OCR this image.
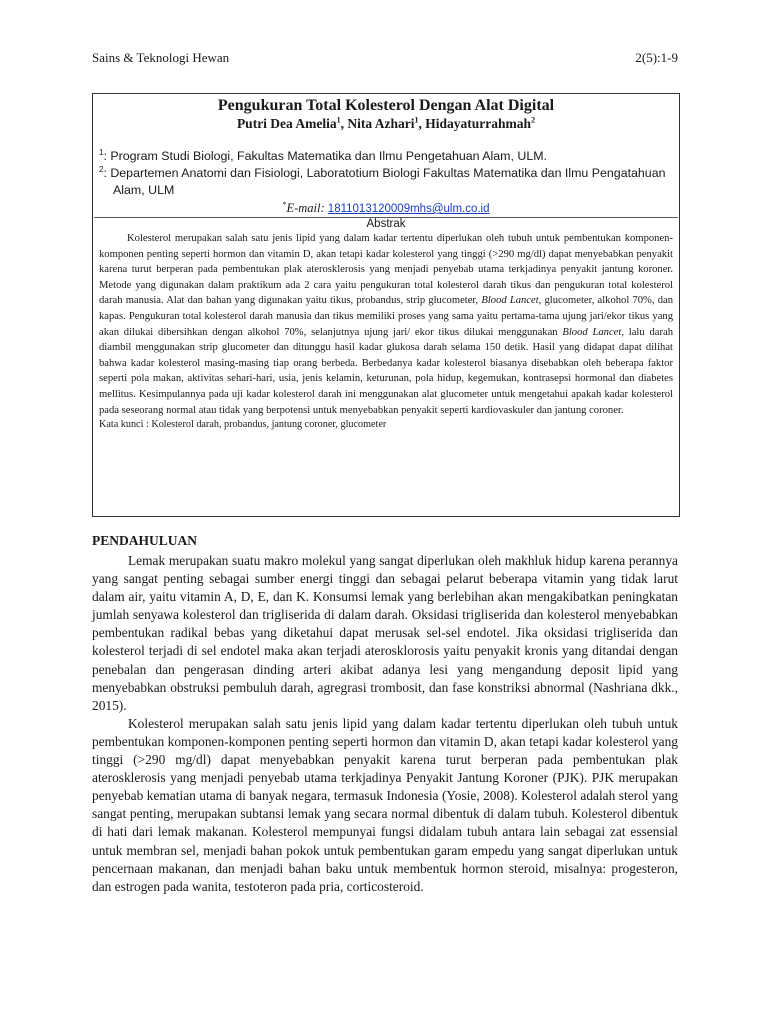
Sains & Teknologi Hewan	2(5):1-9
Pengukuran Total Kolesterol Dengan Alat Digital
Putri Dea Amelia$^1$, Nita Azhari$^1$, Hidayaturrahmah$^2$
$^1$: Program Studi Biologi, Fakultas Matematika dan Ilmu Pengetahuan Alam, ULM.
$^2$: Departemen Anatomi dan Fisiologi, Laboratotium Biologi Fakultas Matematika dan Ilmu Pengatahuan
Alam, ULM
*E-mail: 1811013120009mhs@ulm.co.id
Abstrak

Kolesterol merupakan salah satu jenis lipid yang dalam kadar tertentu diperlukan oleh tubuh untuk pembentukan komponen-komponen penting seperti hormon dan vitamin D, akan tetapi kadar kolesterol yang tinggi (>290 mg/dl) dapat menyebabkan penyakit karena turut berperan pada pembentukan plak aterosklerosis yang menjadi penyebab utama terkjadinya penyakit jantung koroner. Metode yang digunakan dalam praktikum ada 2 cara yaitu pengukuran total kolesterol darah tikus dan pengukuran total kolesterol darah manusia. Alat dan bahan yang digunakan yaitu tikus, probandus, strip glucometer, Blood Lancet, glucometer, alkohol 70%, dan kapas. Pengukuran total kolesterol darah manusia dan tikus memiliki proses yang sama yaitu pertama-tama ujung jari/ekor tikus yang akan dilukai dibersihkan dengan alkohol 70%, selanjutnya ujung jari/ ekor tikus dilukai menggunakan Blood Lancet, lalu darah diambil menggunakan strip glucometer dan ditunggu hasil kadar glukosa darah selama 150 detik. Hasil yang didapat dapat dilihat bahwa kadar kolesterol masing-masing tiap orang berbeda. Berbedanya kadar kolesterol biasanya disebabkan oleh beberapa faktor seperti pola makan, aktivitas sehari-hari, usia, jenis kelamin, keturunan, pola hidup, kegemukan, kontrasepsi hormonal dan diabetes mellitus. Kesimpulannya pada uji kadar kolesterol darah ini menggunakan alat glucometer untuk mengetahui apakah kadar kolesterol pada seseorang normal atau tidak yang berpotensi untuk menyebabkan penyakit seperti kardiovaskuler dan jantung coroner.

Kata kunci : Kolesterol darah, probandus, jantung coroner, glucometer
PENDAHULUAN

Lemak merupakan suatu makro molekul yang sangat diperlukan oleh makhluk hidup karena perannya yang sangat penting sebagai sumber energi tinggi dan sebagai pelarut beberapa vitamin yang tidak larut dalam air, yaitu vitamin A, D, E, dan K. Konsumsi lemak yang berlebihan akan mengakibatkan peningkatan jumlah senyawa kolesterol dan trigliserida di dalam darah. Oksidasi trigliserida dan kolesterol menyebabkan pembentukan radikal bebas yang diketahui dapat merusak sel-sel endotel. Jika oksidasi trigliserida dan kolesterol terjadi di sel endotel maka akan terjadi aterosklorosis yaitu penyakit kronis yang ditandai dengan penebalan dan pengerasan dinding arteri akibat adanya lesi yang mengandung deposit lipid yang menyebabkan obstruksi pembuluh darah, agregrasi trombosit, dan fase konstriksi abnormal (Nashriana dkk., 2015).

Kolesterol merupakan salah satu jenis lipid yang dalam kadar tertentu diperlukan oleh tubuh untuk pembentukan komponen-komponen penting seperti hormon dan vitamin D, akan tetapi kadar kolesterol yang tinggi (>290 mg/dl) dapat menyebabkan penyakit karena turut berperan pada pembentukan plak aterosklerosis yang menjadi penyebab utama terkjadinya Penyakit Jantung Koroner (PJK). PJK merupakan penyebab kematian utama di banyak negara, termasuk Indonesia (Yosie, 2008). Kolesterol adalah sterol yang sangat penting, merupakan subtansi lemak yang secara normal dibentuk di dalam tubuh. Kolesterol dibentuk di hati dari lemak makanan. Kolesterol mempunyai fungsi didalam tubuh antara lain sebagai zat essensial untuk membran sel, menjadi bahan pokok untuk pembentukan garam empedu yang sangat diperlukan untuk pencernaan makanan, dan menjadi bahan baku untuk membentuk hormon steroid, misalnya: progesteron, dan estrogen pada wanita, testoteron pada pria, corticosteroid.
